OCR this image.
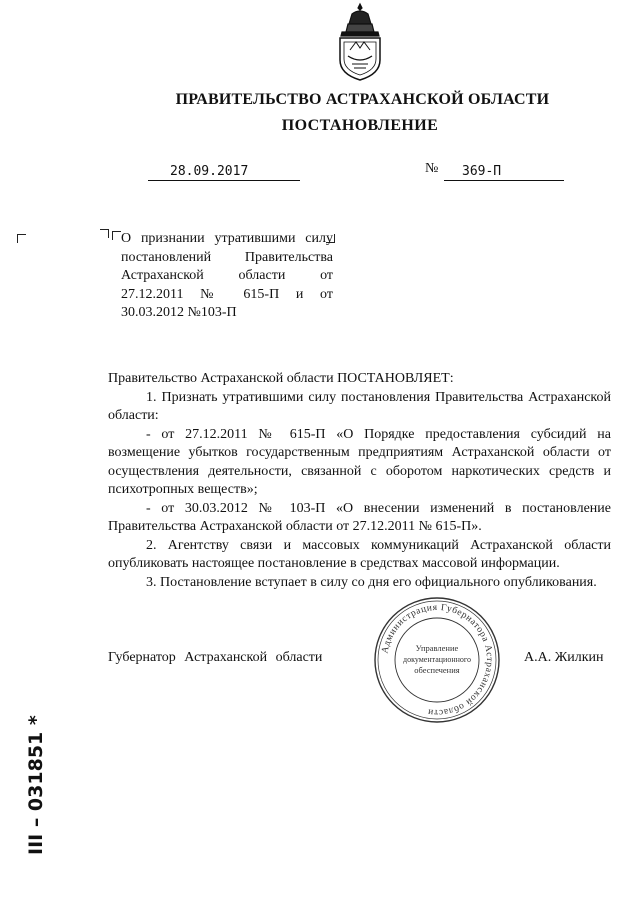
ПРАВИТЕЛЬСТВО АСТРАХАНСКОЙ ОБЛАСТИ
ПОСТАНОВЛЕНИЕ
28.09.2017	№	369-П
О признании утратившими силу постановлений Правительства Астраханской области от 27.12.2011 № 615-П и от 30.03.2012 №103-П

Правительство Астраханской области ПОСТАНОВЛЯЕТ:

1. Признать утратившими силу постановления Правительства Астраханской области:

- от 27.12.2011 № 615-П «О Порядке предоставления субсидий на возмещение убытков государственным предприятиям Астраханской области от осуществления деятельности, связанной с оборотом наркотических средств и психотропных веществ»;

- от 30.03.2012 № 103-П «О внесении изменений в постановление Правительства Астраханской области от 27.12.2011 № 615-П».

2. Агентству связи и массовых коммуникаций Астраханской области опубликовать настоящее постановление в средствах массовой информации.

3. Постановление вступает в силу со дня его официального опубликования.

Губернатор Астраханской области	А.А. Жилкин
Администрация Губернатора Астраханской области
Управление
документационного
обеспечения
III – 031851 *
